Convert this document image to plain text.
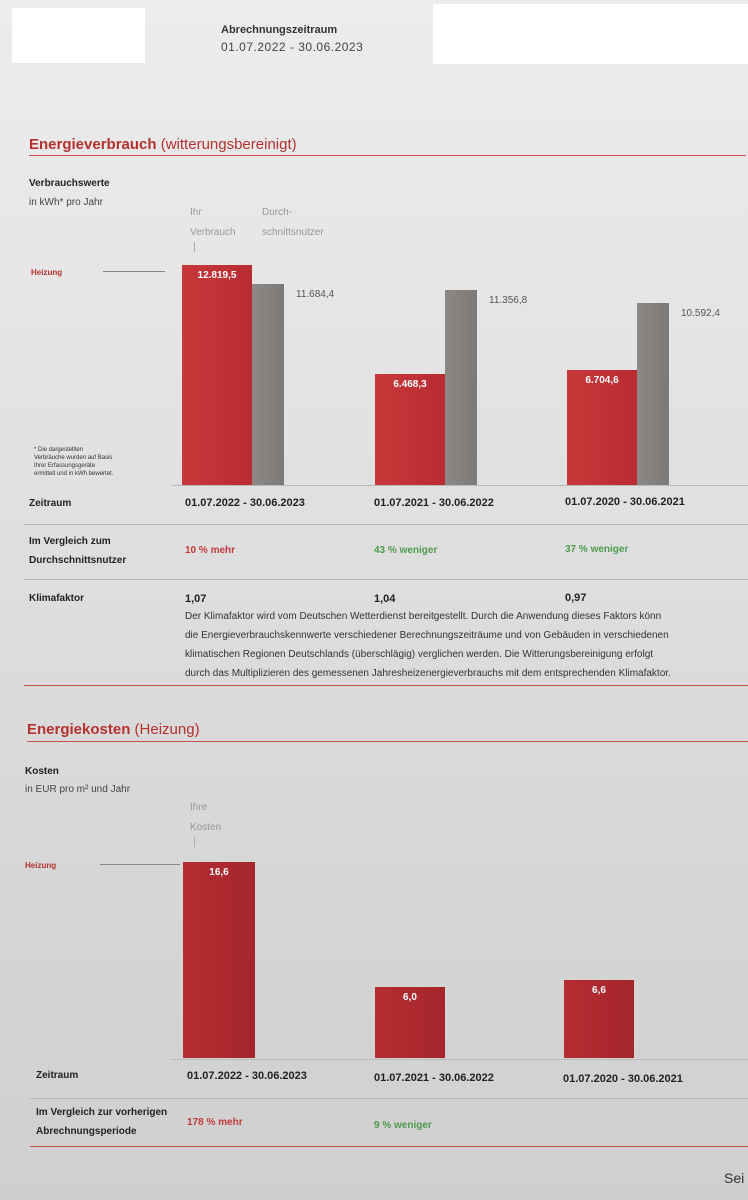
Abrechnungszeitraum
01.07.2022 - 30.06.2023
Energieverbrauch (witterungsbereinigt)
Verbrauchswerte
in kWh* pro Jahr
Ihr
Verbrauch
Durch-
schnittsnutzer
Heizung
* Die dargestellten
Verbräuche wurden auf Basis
Ihrer Erfassungsgeräte
ermittelt und in kWh bewertet.
12.819,5
6.468,3	6.704,6
11.684,4
11.356,8
10.592,4
Zeitraum	01.07.2022 - 30.06.2023	01.07.2021 - 30.06.2022	01.07.2020 - 30.06.2021
Im Vergleich zum
Durchschnittsnutzer
10 % mehr	43 % weniger	37 % weniger
Klimafaktor	1,07	1,04	0,97
Der Klimafaktor wird vom Deutschen Wetterdienst bereitgestellt. Durch die Anwendung dieses Faktors könn
die Energieverbrauchskennwerte verschiedener Berechnungszeiträume und von Gebäuden in verschiedenen
klimatischen Regionen Deutschlands (überschlägig) verglichen werden. Die Witterungsbereinigung erfolgt
durch das Multiplizieren des gemessenen Jahresheizenergieverbrauchs mit dem entsprechenden Klimafaktor.
Energiekosten (Heizung)
Kosten
in EUR pro m² und Jahr
Ihre
Kosten
Heizung
16,6
6,0
6,6
Zeitraum	01.07.2022 - 30.06.2023	01.07.2021 - 30.06.2022	01.07.2020 - 30.06.2021
Im Vergleich zur vorherigen
Abrechnungsperiode
178 % mehr	9 % weniger
Sei
